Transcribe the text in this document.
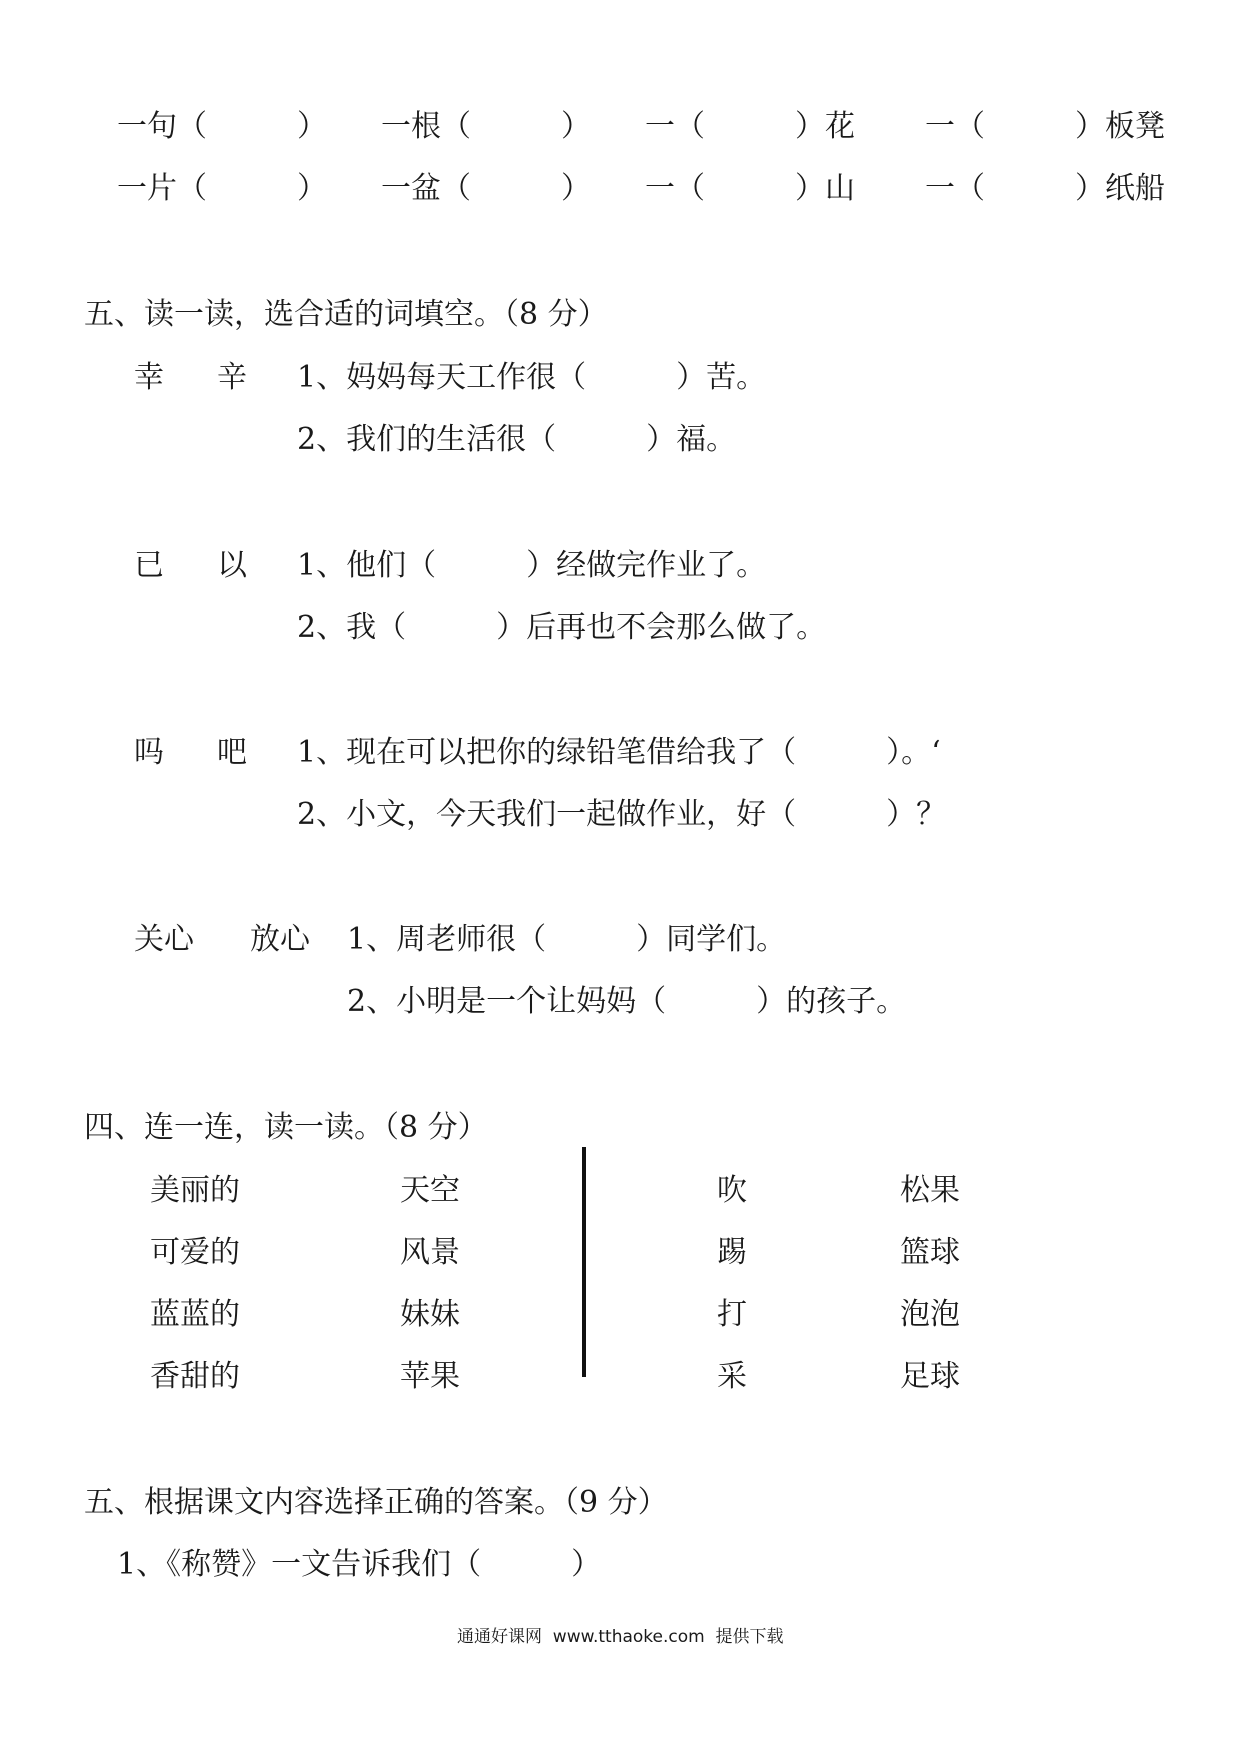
一句（　　　） 一根（　　　） 一（　　　）花 一（　　　）板凳
一片（　　　） 一盆（　　　） 一（　　　）山 一（　　　）纸船
五、读一读，选合适的词填空。（8 分）
幸 辛 1、妈妈每天工作很（　　　）苦。
2、我们的生活很（　　　）福。
已 以 1、他们（　　　）经做完作业了。
2、我（　　　）后再也不会那么做了。
吗 吧 1、现在可以把你的绿铅笔借给我了（　　　）。‘
2、小文，今天我们一起做作业，好（　　　）？
关心 放心 1、周老师很（　　　）同学们。
2、小明是一个让妈妈（　　　）的孩子。
四、连一连，读一读。（8 分）
美丽的
可爱的
蓝蓝的
香甜的
天空
风景
妹妹
苹果
吹
踢
打
采
松果
篮球
泡泡
足球
五、根据课文内容选择正确的答案。（9 分）
1、《称赞》一文告诉我们（　　　）
通通好课网  www.tthaoke.com  提供下载
